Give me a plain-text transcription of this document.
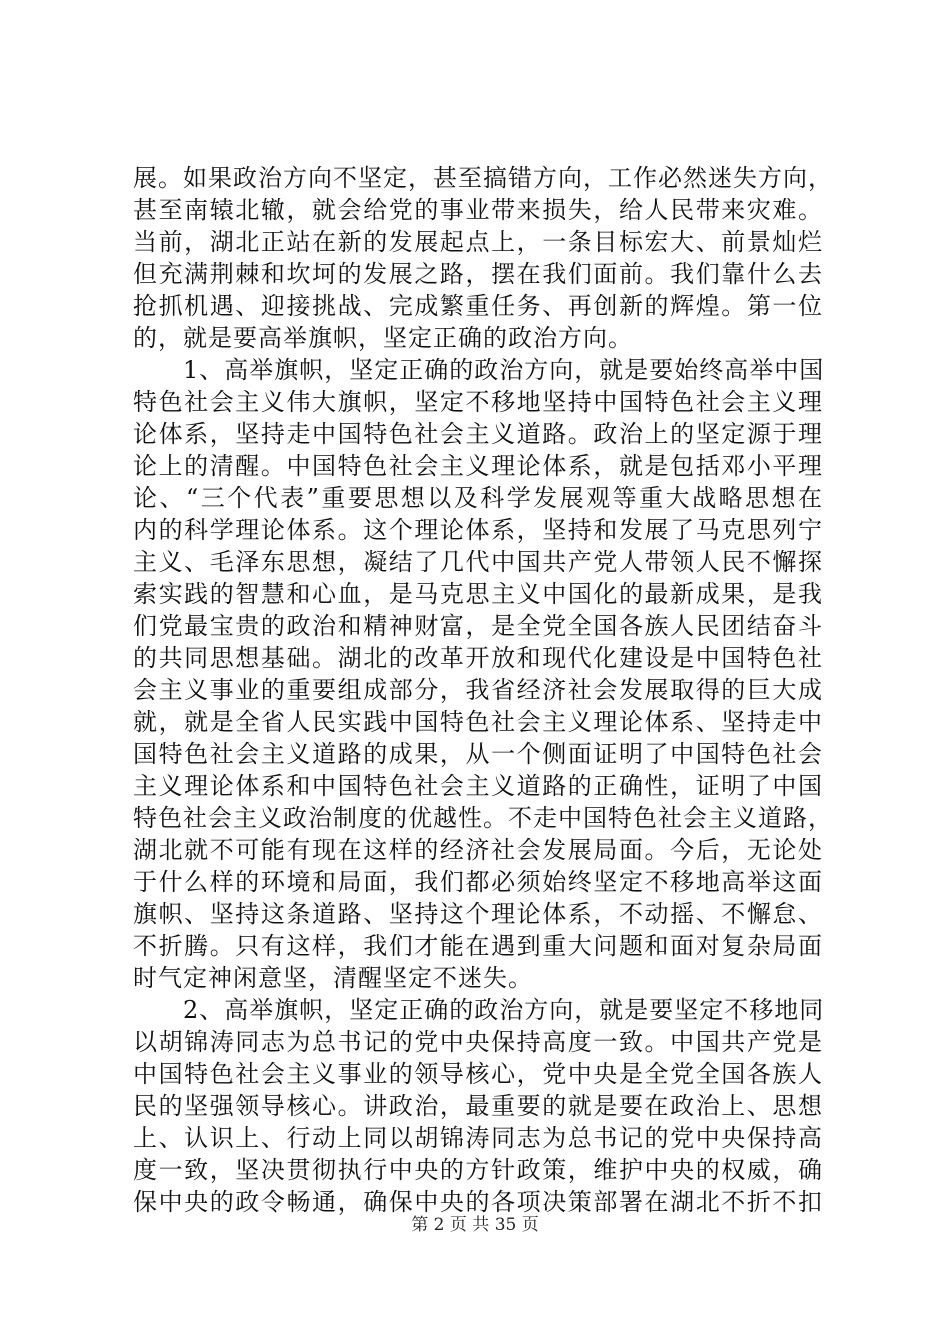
展。如果政治方向不坚定，甚至搞错方向，工作必然迷失方向，
甚至南辕北辙，就会给党的事业带来损失，给人民带来灾难。
当前，湖北正站在新的发展起点上，一条目标宏大、前景灿烂
但充满荆棘和坎坷的发展之路，摆在我们面前。我们靠什么去
抢抓机遇、迎接挑战、完成繁重任务、再创新的辉煌。第一位
的，就是要高举旗帜，坚定正确的政治方向。
　　1、高举旗帜，坚定正确的政治方向，就是要始终高举中国
特色社会主义伟大旗帜，坚定不移地坚持中国特色社会主义理
论体系，坚持走中国特色社会主义道路。政治上的坚定源于理
论上的清醒。中国特色社会主义理论体系，就是包括邓小平理
论、“三个代表”重要思想以及科学发展观等重大战略思想在
内的科学理论体系。这个理论体系，坚持和发展了马克思列宁
主义、毛泽东思想，凝结了几代中国共产党人带领人民不懈探
索实践的智慧和心血，是马克思主义中国化的最新成果，是我
们党最宝贵的政治和精神财富，是全党全国各族人民团结奋斗
的共同思想基础。湖北的改革开放和现代化建设是中国特色社
会主义事业的重要组成部分，我省经济社会发展取得的巨大成
就，就是全省人民实践中国特色社会主义理论体系、坚持走中
国特色社会主义道路的成果，从一个侧面证明了中国特色社会
主义理论体系和中国特色社会主义道路的正确性，证明了中国
特色社会主义政治制度的优越性。不走中国特色社会主义道路，
湖北就不可能有现在这样的经济社会发展局面。今后，无论处
于什么样的环境和局面，我们都必须始终坚定不移地高举这面
旗帜、坚持这条道路、坚持这个理论体系，不动摇、不懈怠、
不折腾。只有这样，我们才能在遇到重大问题和面对复杂局面
时气定神闲意坚，清醒坚定不迷失。
　　2、高举旗帜，坚定正确的政治方向，就是要坚定不移地同
以胡锦涛同志为总书记的党中央保持高度一致。中国共产党是
中国特色社会主义事业的领导核心，党中央是全党全国各族人
民的坚强领导核心。讲政治，最重要的就是要在政治上、思想
上、认识上、行动上同以胡锦涛同志为总书记的党中央保持高
度一致，坚决贯彻执行中央的方针政策，维护中央的权威，确
保中央的政令畅通，确保中央的各项决策部署在湖北不折不扣
第 2 页 共 35 页
